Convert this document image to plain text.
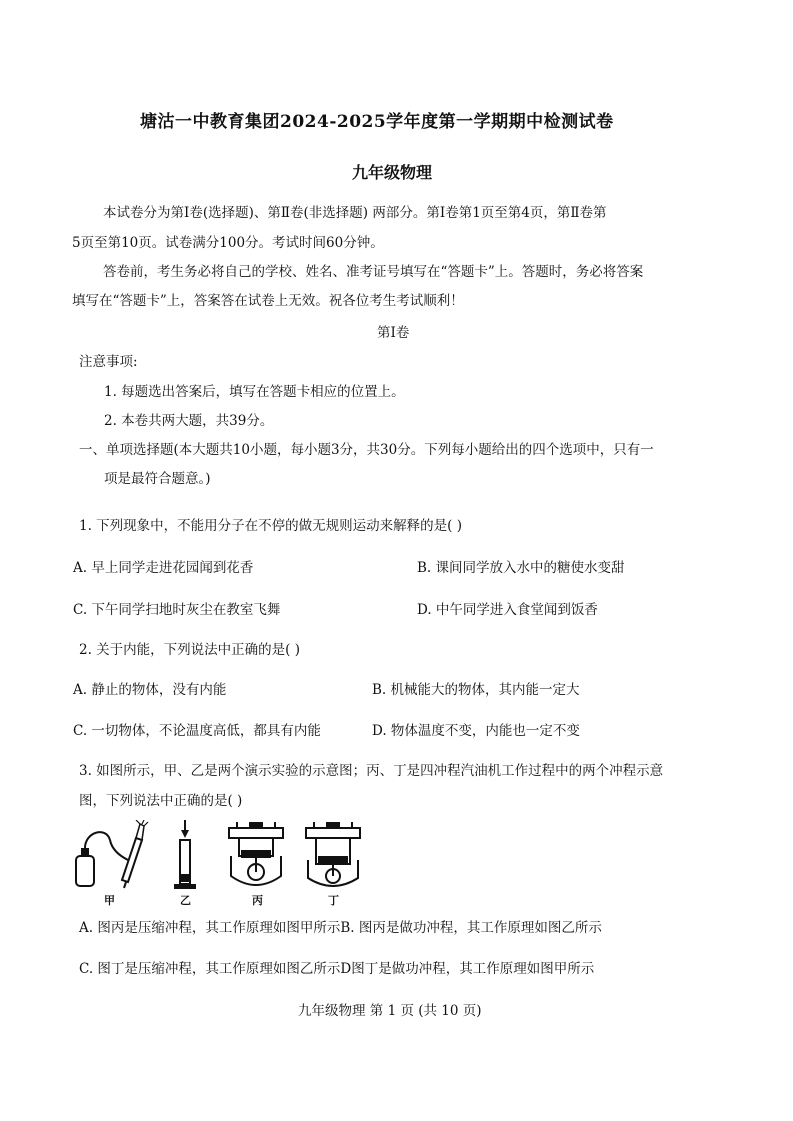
塘沽一中教育集团2024-2025学年度第一学期期中检测试卷
九年级物理
本试卷分为第Ⅰ卷(选择题)、第Ⅱ卷(非选择题) 两部分。第Ⅰ卷第1页至第4页，第Ⅱ卷第
5页至第10页。试卷满分100分。考试时间60分钟。
答卷前，考生务必将自己的学校、姓名、准考证号填写在“答题卡”上。答题时，务必将答案
填写在“答题卡”上，答案答在试卷上无效。祝各位考生考试顺利！
第Ⅰ卷
注意事项:
1. 每题选出答案后，填写在答题卡相应的位置上。
2. 本卷共两大题，共39分。
一、单项选择题(本大题共10小题，每小题3分，共30分。下列每小题给出的四个选项中，只有一
项是最符合题意。)
1. 下列现象中，不能用分子在不停的做无规则运动来解释的是( )
A. 早上同学走进花园闻到花香	B. 课间同学放入水中的糖使水变甜
C. 下午同学扫地时灰尘在教室飞舞	D. 中午同学进入食堂闻到饭香
2. 关于内能，下列说法中正确的是( )
A. 静止的物体，没有内能	B. 机械能大的物体，其内能一定大
C. 一切物体，不论温度高低，都具有内能	D. 物体温度不变，内能也一定不变
3. 如图所示，甲、乙是两个演示实验的示意图；丙、丁是四冲程汽油机工作过程中的两个冲程示意
图，下列说法中正确的是( )
甲	乙	丙	丁
A. 图丙是压缩冲程，其工作原理如图甲所示B. 图丙是做功冲程，其工作原理如图乙所示
C. 图丁是压缩冲程，其工作原理如图乙所示D图丁是做功冲程，其工作原理如图甲所示
九年级物理 第 1 页 (共 10 页)
